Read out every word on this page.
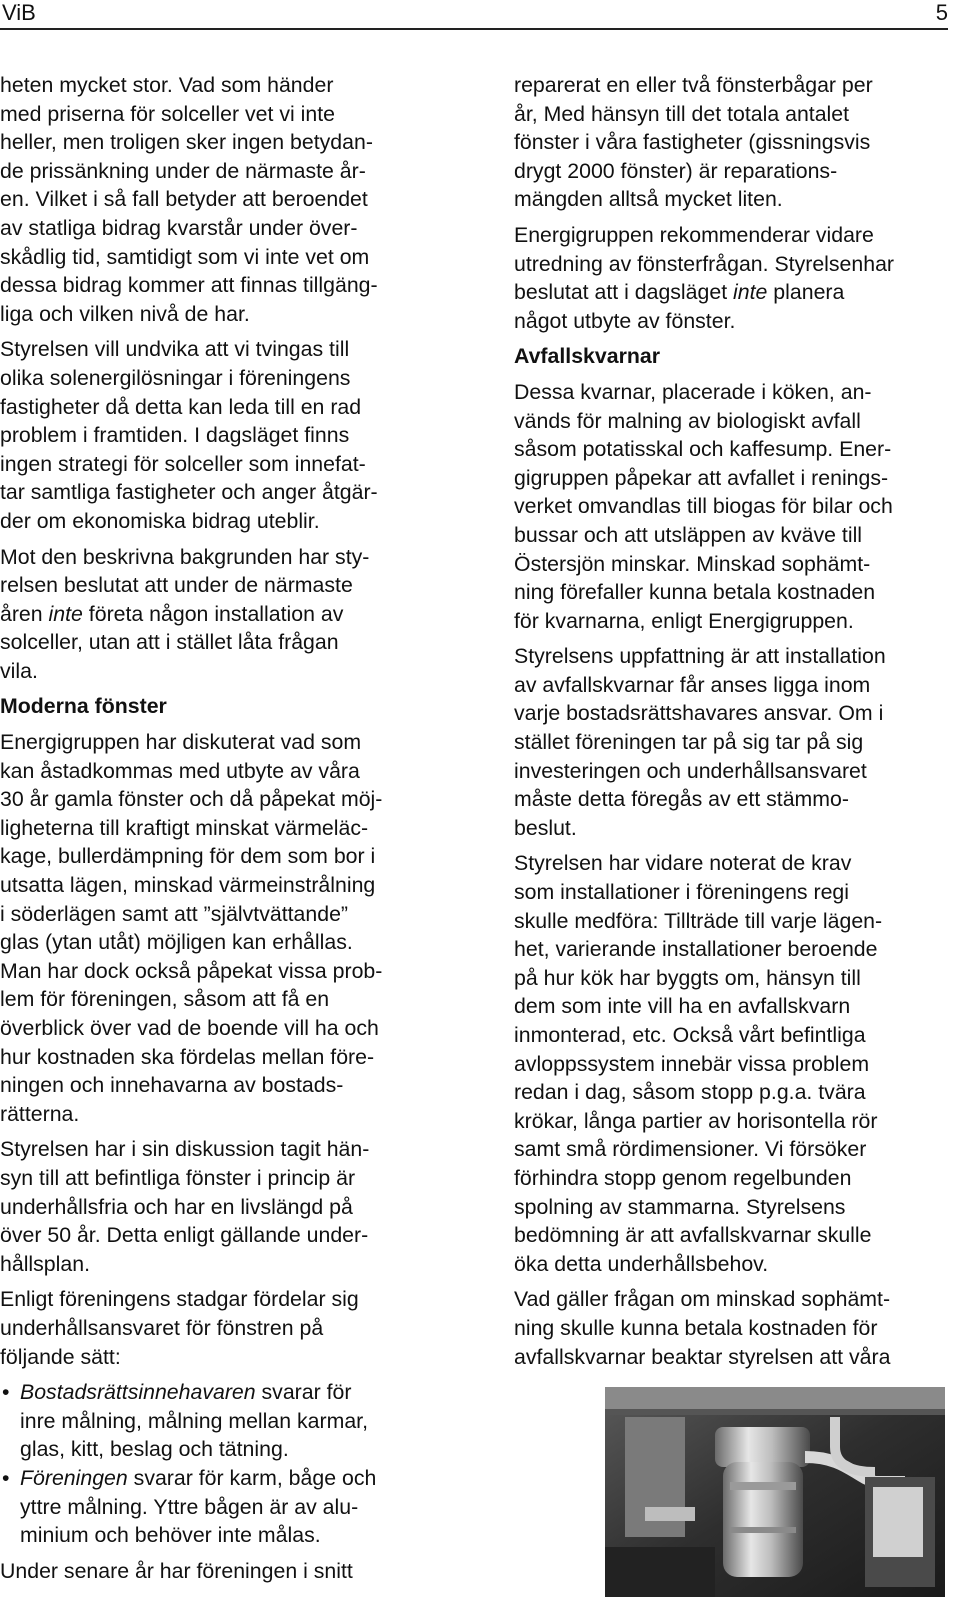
ViB	5

heten mycket stor. Vad som händer
med priserna för solceller vet vi inte
heller, men troligen sker ingen betydan-
de prissänkning under de närmaste år-
en. Vilket i så fall betyder att beroendet
av statliga bidrag kvarstår under över-
skådlig tid, samtidigt som vi inte vet om
dessa bidrag kommer att finnas tillgäng-
liga och vilken nivå de har.

Styrelsen vill undvika att vi tvingas till
olika solenergilösningar i föreningens
fastigheter då detta kan leda till en rad
problem i framtiden. I dagsläget finns
ingen strategi för solceller som innefat-
tar samtliga fastigheter och anger åtgär-
der om ekonomiska bidrag uteblir.

Mot den beskrivna bakgrunden har sty-
relsen beslutat att under de närmaste
åren inte företa någon installation av
solceller, utan att i stället låta frågan
vila.

Moderna fönster

Energigruppen har diskuterat vad som
kan åstadkommas med utbyte av våra
30 år gamla fönster och då påpekat möj-
ligheterna till kraftigt minskat värmeläc-
kage, bullerdämpning för dem som bor i
utsatta lägen, minskad värmeinstrålning
i söderlägen samt att ”självtvättande”
glas (ytan utåt) möjligen kan erhållas.
Man har dock också påpekat vissa prob-
lem för föreningen, såsom att få en
överblick över vad de boende vill ha och
hur kostnaden ska fördelas mellan före-
ningen och innehavarna av bostads-
rätterna.

Styrelsen har i sin diskussion tagit hän-
syn till att befintliga fönster i princip är
underhållsfria och har en livslängd på
över 50 år. Detta enligt gällande under-
hållsplan.

Enligt föreningens stadgar fördelar sig
underhållsansvaret för fönstren på
följande sätt:

• Bostadsrättsinnehavaren svarar för
inre målning, målning mellan karmar,
glas, kitt, beslag och tätning.
• Föreningen svarar för karm, båge och
yttre målning. Yttre bågen är av alu-
minium och behöver inte målas.

Under senare år har föreningen i snitt

reparerat en eller två fönsterbågar per
år, Med hänsyn till det totala antalet
fönster i våra fastigheter (gissningsvis
drygt 2000 fönster) är reparations-
mängden alltså mycket liten.

Energigruppen rekommenderar vidare
utredning av fönsterfrågan. Styrelsenhar
beslutat att i dagsläget inte planera
något utbyte av fönster.

Avfallskvarnar

Dessa kvarnar, placerade i köken, an-
vänds för malning av biologiskt avfall
såsom potatisskal och kaffesump. Ener-
gigruppen påpekar att avfallet i renings-
verket omvandlas till biogas för bilar och
bussar och att utsläppen av kväve till
Östersjön minskar. Minskad sophämt-
ning förefaller kunna betala kostnaden
för kvarnarna, enligt Energigruppen.

Styrelsens uppfattning är att installation
av avfallskvarnar får anses ligga inom
varje bostadsrättshavares ansvar. Om i
stället föreningen tar på sig tar på sig
investeringen och underhållsansvaret
måste detta föregås av ett stämmo-
beslut.

Styrelsen har vidare noterat de krav
som installationer i föreningens regi
skulle medföra: Tillträde till varje lägen-
het, varierande installationer beroende
på hur kök har byggts om, hänsyn till
dem som inte vill ha en avfallskvarn
inmonterad, etc. Också vårt befintliga
avloppssystem innebär vissa problem
redan i dag, såsom stopp p.g.a. tvära
krökar, långa partier av horisontella rör
samt små rördimensioner. Vi försöker
förhindra stopp genom regelbunden
spolning av stammarna. Styrelsens
bedömning är att avfallskvarnar skulle
öka detta underhållsbehov.

Vad gäller frågan om minskad sophämt-
ning skulle kunna betala kostnaden för
avfallskvarnar beaktar styrelsen att våra
